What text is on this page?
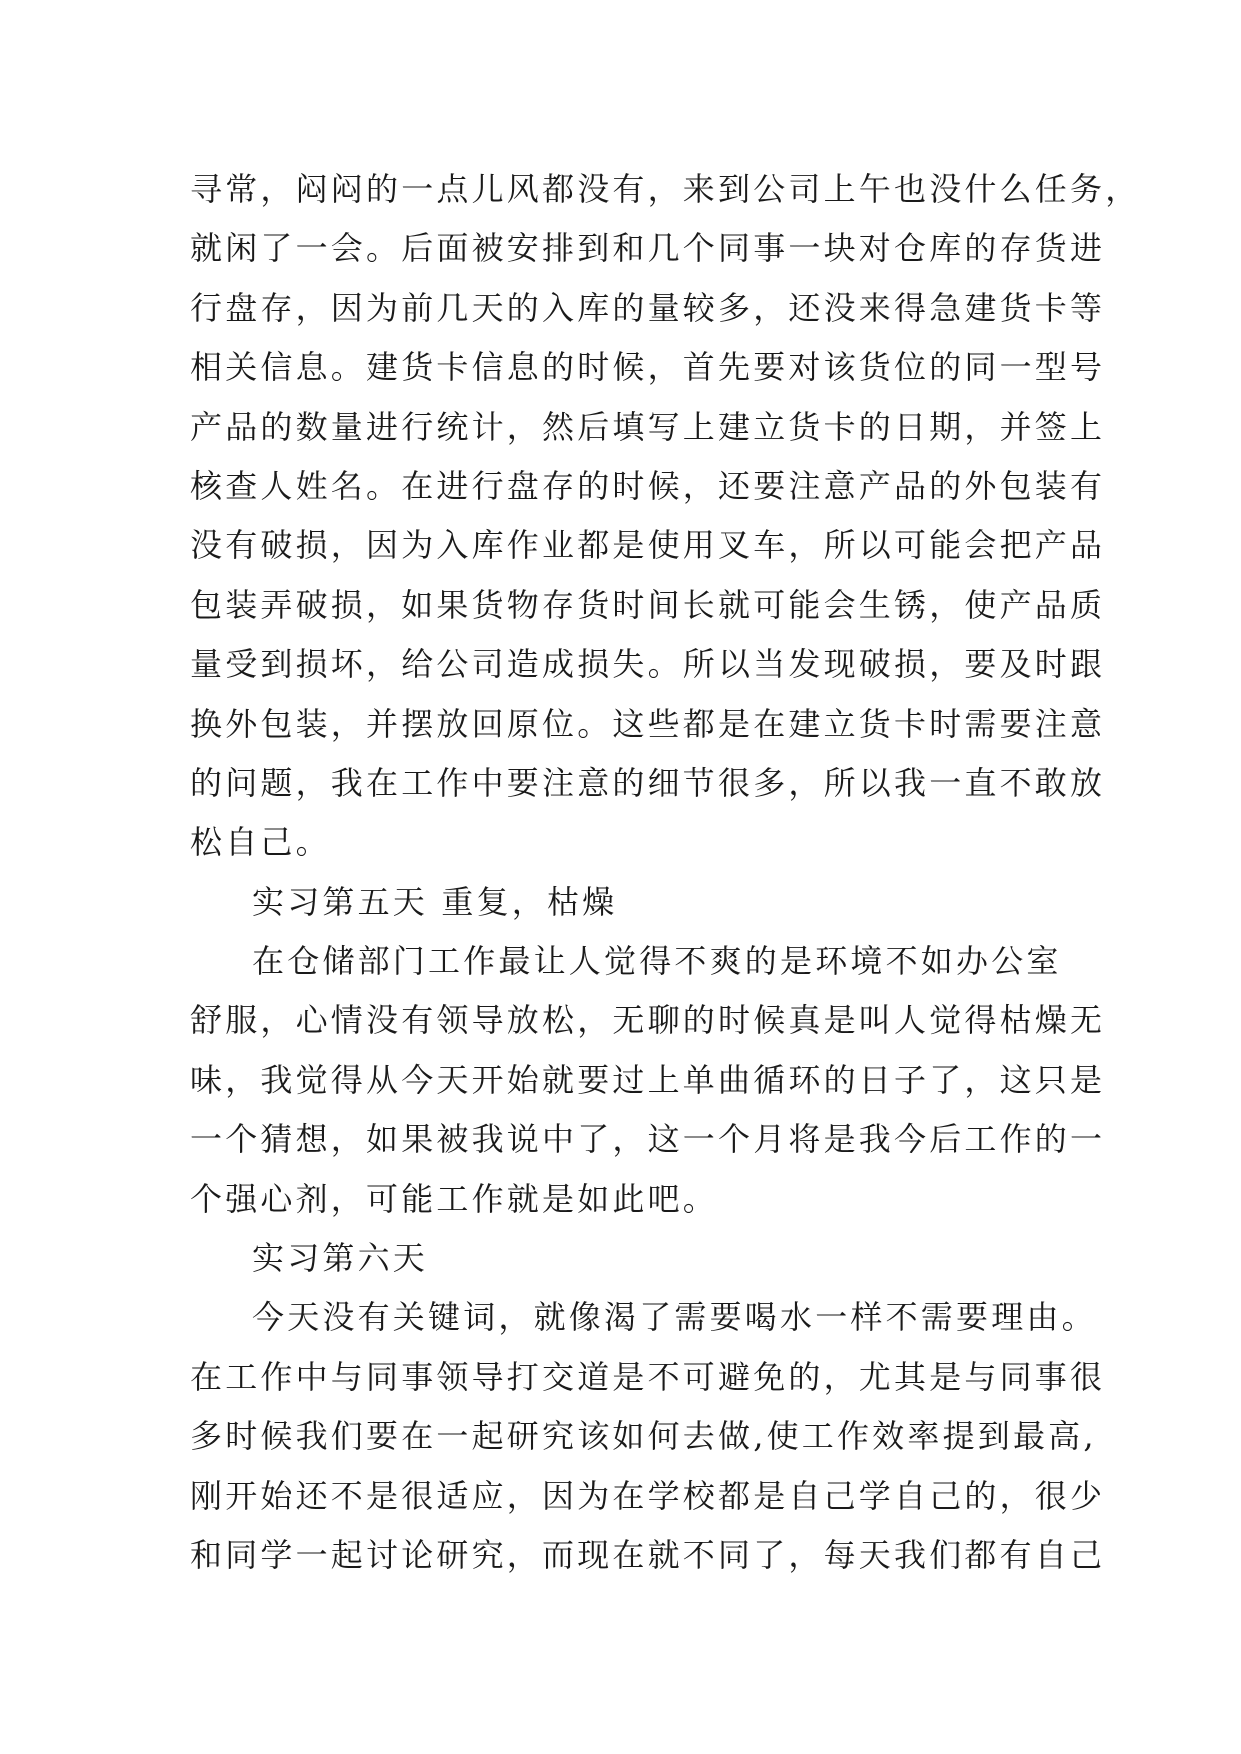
寻常，闷闷的一点儿风都没有，来到公司上午也没什么任务，
就闲了一会。后面被安排到和几个同事一块对仓库的存货进
行盘存，因为前几天的入库的量较多，还没来得急建货卡等
相关信息。建货卡信息的时候，首先要对该货位的同一型号
产品的数量进行统计，然后填写上建立货卡的日期，并签上
核查人姓名。在进行盘存的时候，还要注意产品的外包装有
没有破损，因为入库作业都是使用叉车，所以可能会把产品
包装弄破损，如果货物存货时间长就可能会生锈，使产品质
量受到损坏，给公司造成损失。所以当发现破损，要及时跟
换外包装，并摆放回原位。这些都是在建立货卡时需要注意
的问题，我在工作中要注意的细节很多，所以我一直不敢放
松自己。
实习第五天 重复，枯燥
在仓储部门工作最让人觉得不爽的是环境不如办公室
舒服，心情没有领导放松，无聊的时候真是叫人觉得枯燥无
味，我觉得从今天开始就要过上单曲循环的日子了，这只是
一个猜想，如果被我说中了，这一个月将是我今后工作的一
个强心剂，可能工作就是如此吧。
实习第六天
今天没有关键词，就像渴了需要喝水一样不需要理由。
在工作中与同事领导打交道是不可避免的，尤其是与同事很
多时候我们要在一起研究该如何去做,使工作效率提到最高,
刚开始还不是很适应，因为在学校都是自己学自己的，很少
和同学一起讨论研究，而现在就不同了，每天我们都有自己
